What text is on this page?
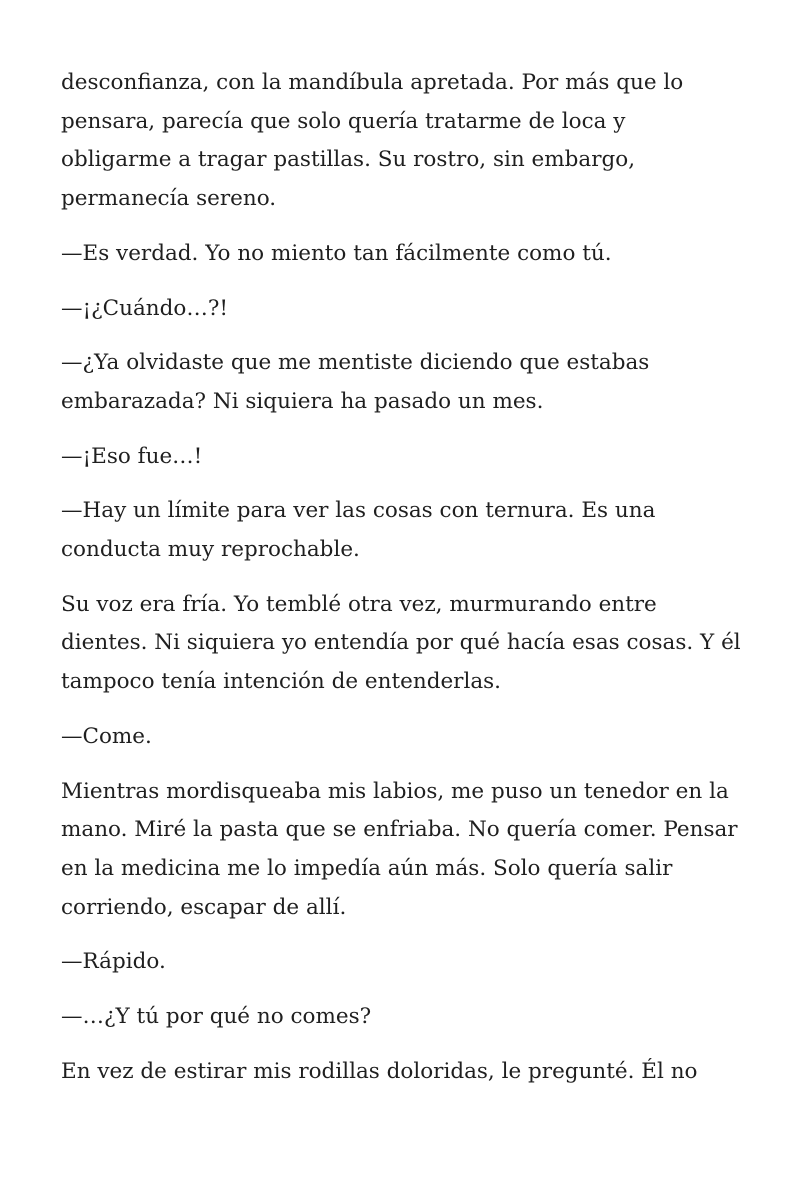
desconfianza, con la mandíbula apretada. Por más que lo pensara, parecía que solo quería tratarme de loca y obligarme a tragar pastillas. Su rostro, sin embargo, permanecía sereno.

—Es verdad. Yo no miento tan fácilmente como tú.

—¡¿Cuándo…?!

—¿Ya olvidaste que me mentiste diciendo que estabas embarazada? Ni siquiera ha pasado un mes.

—¡Eso fue…!

—Hay un límite para ver las cosas con ternura. Es una conducta muy reprochable.

Su voz era fría. Yo temblé otra vez, murmurando entre dientes. Ni siquiera yo entendía por qué hacía esas cosas. Y él tampoco tenía intención de entenderlas.

—Come.

Mientras mordisqueaba mis labios, me puso un tenedor en la mano. Miré la pasta que se enfriaba. No quería comer. Pensar en la medicina me lo impedía aún más. Solo quería salir corriendo, escapar de allí.

—Rápido.

—…¿Y tú por qué no comes?

En vez de estirar mis rodillas doloridas, le pregunté. Él no
